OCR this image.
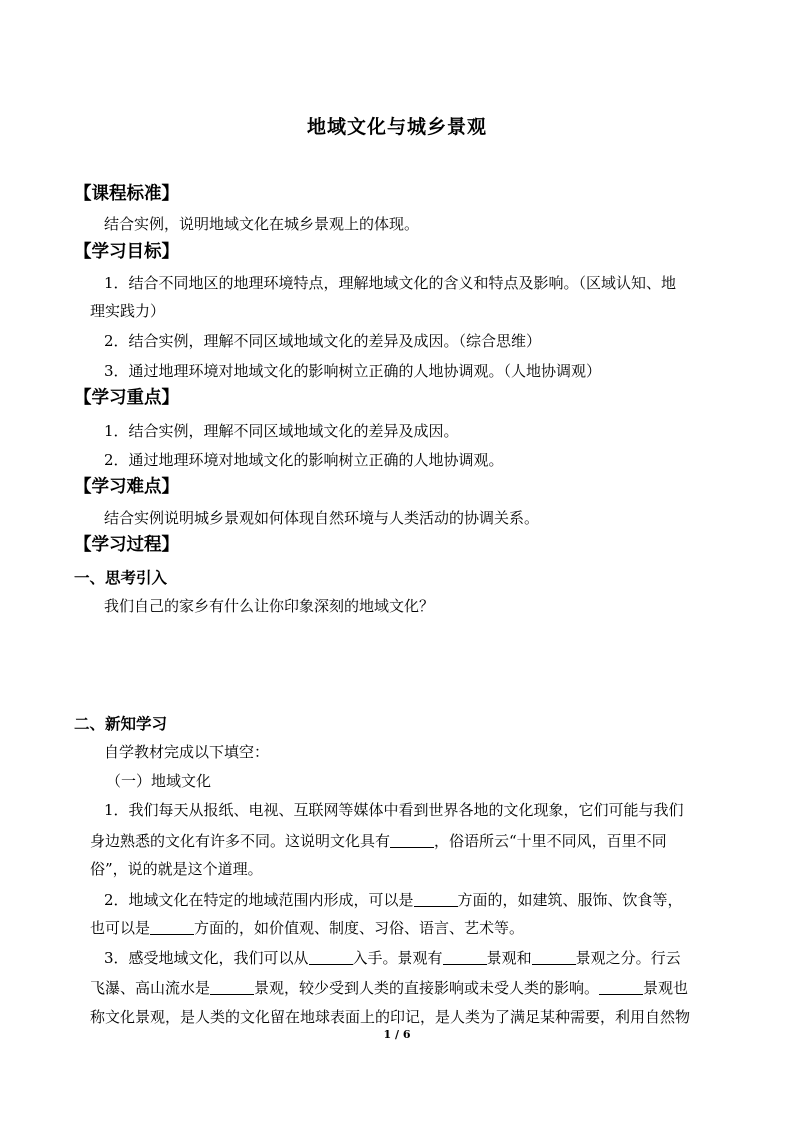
地域文化与城乡景观
【课程标准】
结合实例，说明地域文化在城乡景观上的体现。
【学习目标】
1．结合不同地区的地理环境特点，理解地域文化的含义和特点及影响。（区域认知、地
理实践力）
2．结合实例，理解不同区域地域文化的差异及成因。（综合思维）
3．通过地理环境对地域文化的影响树立正确的人地协调观。（人地协调观）
【学习重点】
1．结合实例，理解不同区域地域文化的差异及成因。
2．通过地理环境对地域文化的影响树立正确的人地协调观。
【学习难点】
结合实例说明城乡景观如何体现自然环境与人类活动的协调关系。
【学习过程】
一、思考引入
我们自己的家乡有什么让你印象深刻的地域文化？
二、新知学习
自学教材完成以下填空：
（一）地域文化
1．我们每天从报纸、电视、互联网等媒体中看到世界各地的文化现象，它们可能与我们
身边熟悉的文化有许多不同。这说明文化具有	，俗语所云“十里不同风，百里不同
俗”，说的就是这个道理。
2．地域文化在特定的地域范围内形成，可以是	方面的，如建筑、服饰、饮食等，
也可以是	方面的，如价值观、制度、习俗、语言、艺术等。
3．感受地域文化，我们可以从	入手。景观有	景观和	景观之分。行云
飞瀑、高山流水是	景观，较少受到人类的直接影响或未受人类的影响。	景观也
称文化景观，是人类的文化留在地球表面上的印记，是人类为了满足某种需要，利用自然物
1 / 6
